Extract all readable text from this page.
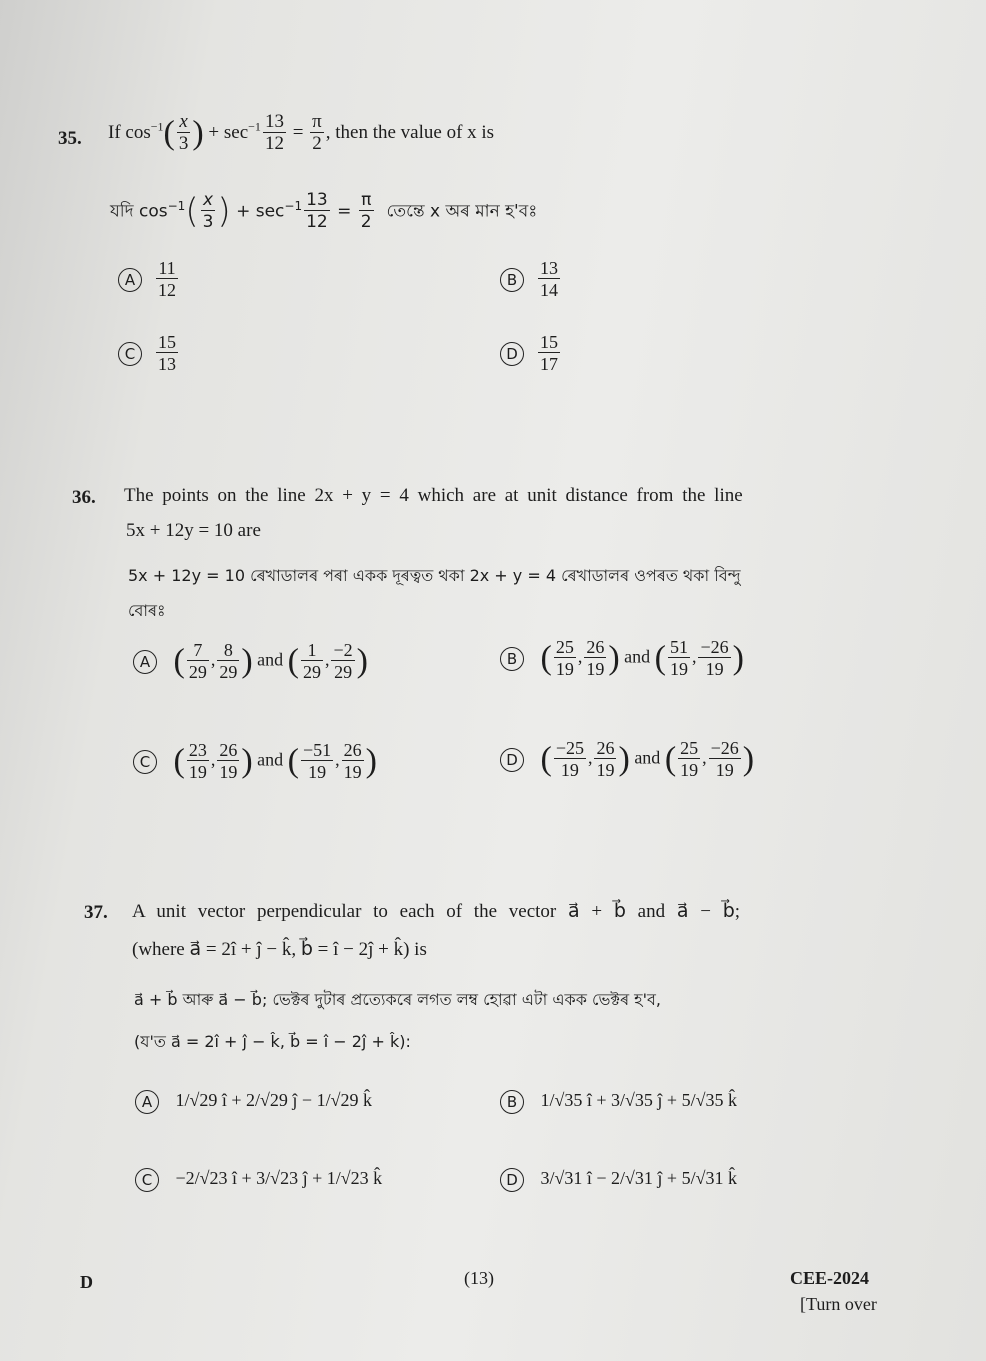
35. If $\cos^{-1}( \frac{x}{3}$ ) + $\sec^{-1} \frac{13}{12} = \frac{\pi}{2}$ , then the value of x is
যদি $\cos^{-1}( \frac{x}{3}$ ) + $\sec^{-1} \frac{13}{12} = \frac{\pi}{2}$ তেন্তে x অৰ মান হ'বঃ
A $\frac{11}{12}$	B $\frac{13}{14}$
C $\frac{15}{13}$	D $\frac{15}{17}$
36. The points on the line 2x + y = 4 which are at unit distance from the line
5x + 12y = 10 are
5x + 12y = 10 ৰেখাডালৰ পৰা একক দূৰত্বত থকা 2x + y = 4 ৰেখাডালৰ ওপৰত থকা বিন্দু
বোৰঃ
A ( $\frac{7}{29}$ , $\frac{8}{29}$ ) and ( $\frac{1}{29}$ , $\frac{-2}{29}$ )	B ( $\frac{25}{19}$ , $\frac{26}{19}$ ) and ( $\frac{51}{19}$ , $\frac{-26}{19}$ )
C ( $\frac{23}{19}$ , $\frac{26}{19}$ ) and ( $\frac{-51}{19}$ , $\frac{26}{19}$ )	D ( $\frac{-25}{19}$ , $\frac{26}{19}$ ) and ( $\frac{25}{19}$ , $\frac{-26}{19}$ )
37. A unit vector perpendicular to each of the vector a⃗ + b⃗ and a⃗ − b⃗;
(where a⃗ = 2î + ĵ − k̂, b⃗ = î − 2ĵ + k̂) is
a⃗ + b⃗ আৰু a⃗ − b⃗; ভেক্টৰ দুটাৰ প্ৰত্যেকৰে লগত লম্ব হোৱা এটা একক ভেক্টৰ হ'ব,
(য'ত a⃗ = 2î + ĵ − k̂, b⃗ = î − 2ĵ + k̂):
A 1/√29 î + 2/√29 ĵ − 1/√29 k̂	B 1/√35 î + 3/√35 ĵ + 5/√35 k̂
C −2/√23 î + 3/√23 ĵ + 1/√23 k̂	D 3/√31 î − 2/√31 ĵ + 5/√31 k̂
D	(13)	CEE-2024
[Turn over
